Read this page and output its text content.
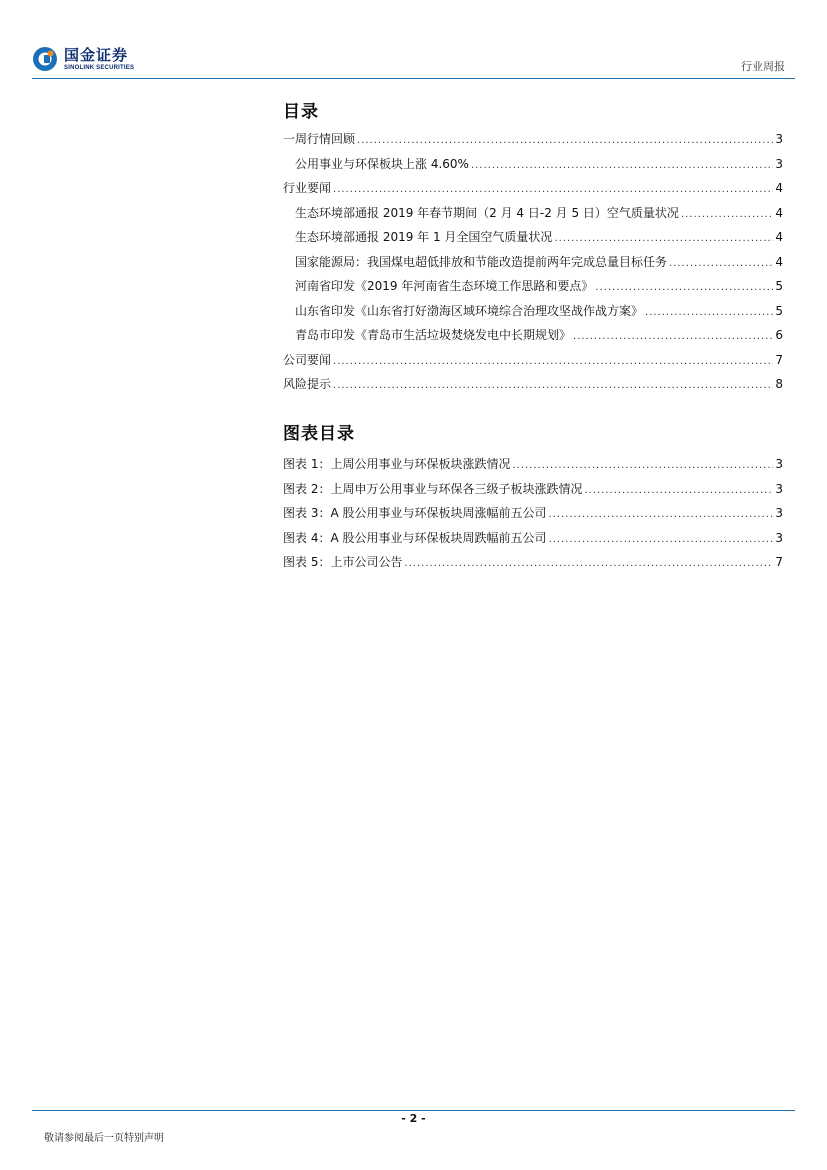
国金证券
SINOLINK SECURITIES	行业周报
目录
一周行情回顾 .....	3
公用事业与环保板块上涨 4.60% .....	3
行业要闻 .....	4
生态环境部通报 2019 年春节期间（2 月 4 日-2 月 5 日）空气质量状况 .....	4
生态环境部通报 2019 年 1 月全国空气质量状况 .....	4
国家能源局：我国煤电超低排放和节能改造提前两年完成总量目标任务 .....	4
河南省印发《2019 年河南省生态环境工作思路和要点》 .....	5
山东省印发《山东省打好渤海区域环境综合治理攻坚战作战方案》 .....	5
青岛市印发《青岛市生活垃圾焚烧发电中长期规划》 .....	6
公司要闻 .....	7
风险提示 .....	8
图表目录
图表 1：上周公用事业与环保板块涨跌情况 .....	3
图表 2：上周申万公用事业与环保各三级子板块涨跌情况 .....	3
图表 3：A 股公用事业与环保板块周涨幅前五公司 .....	3
图表 4：A 股公用事业与环保板块周跌幅前五公司 .....	3
图表 5：上市公司公告 .....	7
- 2 -
敬请参阅最后一页特别声明
